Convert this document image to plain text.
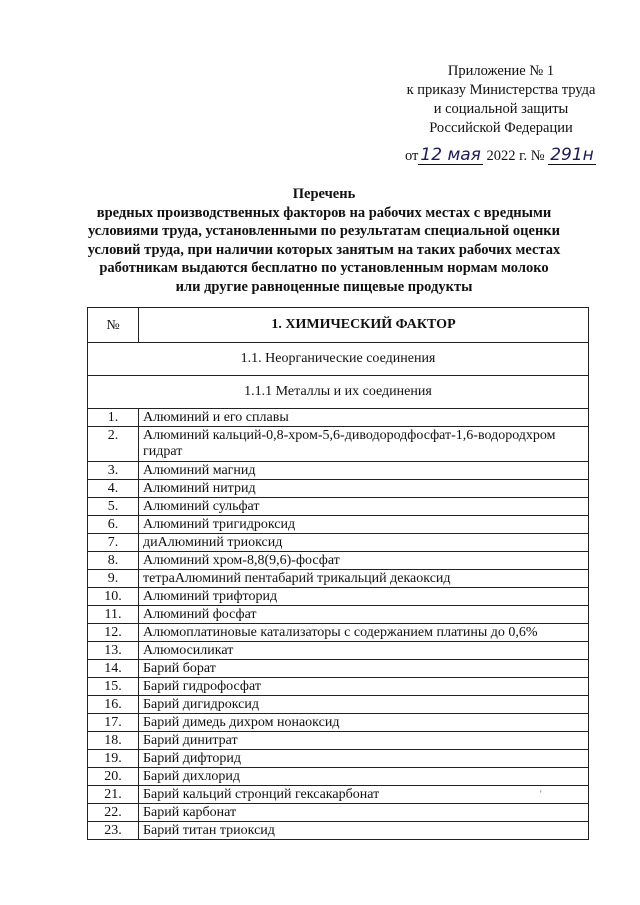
Приложение № 1
к приказу Министерства труда
и социальной защиты
Российской Федерации
от 12 мая 2022 г. № 291н
Перечень
вредных производственных факторов на рабочих местах с вредными
условиями труда, установленными по результатам специальной оценки
условий труда, при наличии которых занятым на таких рабочих местах
работникам выдаются бесплатно по установленным нормам молоко
или другие равноценные пищевые продукты
№	1. ХИМИЧЕСКИЙ ФАКТОР
1.1. Неорганические соединения	
1.1.1 Металлы и их соединения	
1.	Алюминий и его сплавы
2.	Алюминий кальций-0,8-хром-5,6-диводородфосфат-1,6-водородхром гидрат
3.	Алюминий магнид
4.	Алюминий нитрид
5.	Алюминий сульфат
6.	Алюминий тригидроксид
7.	диАлюминий триоксид
8.	Алюминий хром-8,8(9,6)-фосфат
9.	тетраАлюминий пентабарий трикальций декаоксид
10.	Алюминий трифторид
11.	Алюминий фосфат
12.	Алюмоплатиновые катализаторы с содержанием платины до 0,6%
13.	Алюмосиликат
14.	Барий борат
15.	Барий гидрофосфат
16.	Барий дигидроксид
17.	Барий димедь дихром нонаоксид
18.	Барий динитрат
19.	Барий дифторид
20.	Барий дихлорид
21.	Барий кальций стронций гексакарбонат
22.	Барий карбонат
23.	Барий титан триоксид
'
